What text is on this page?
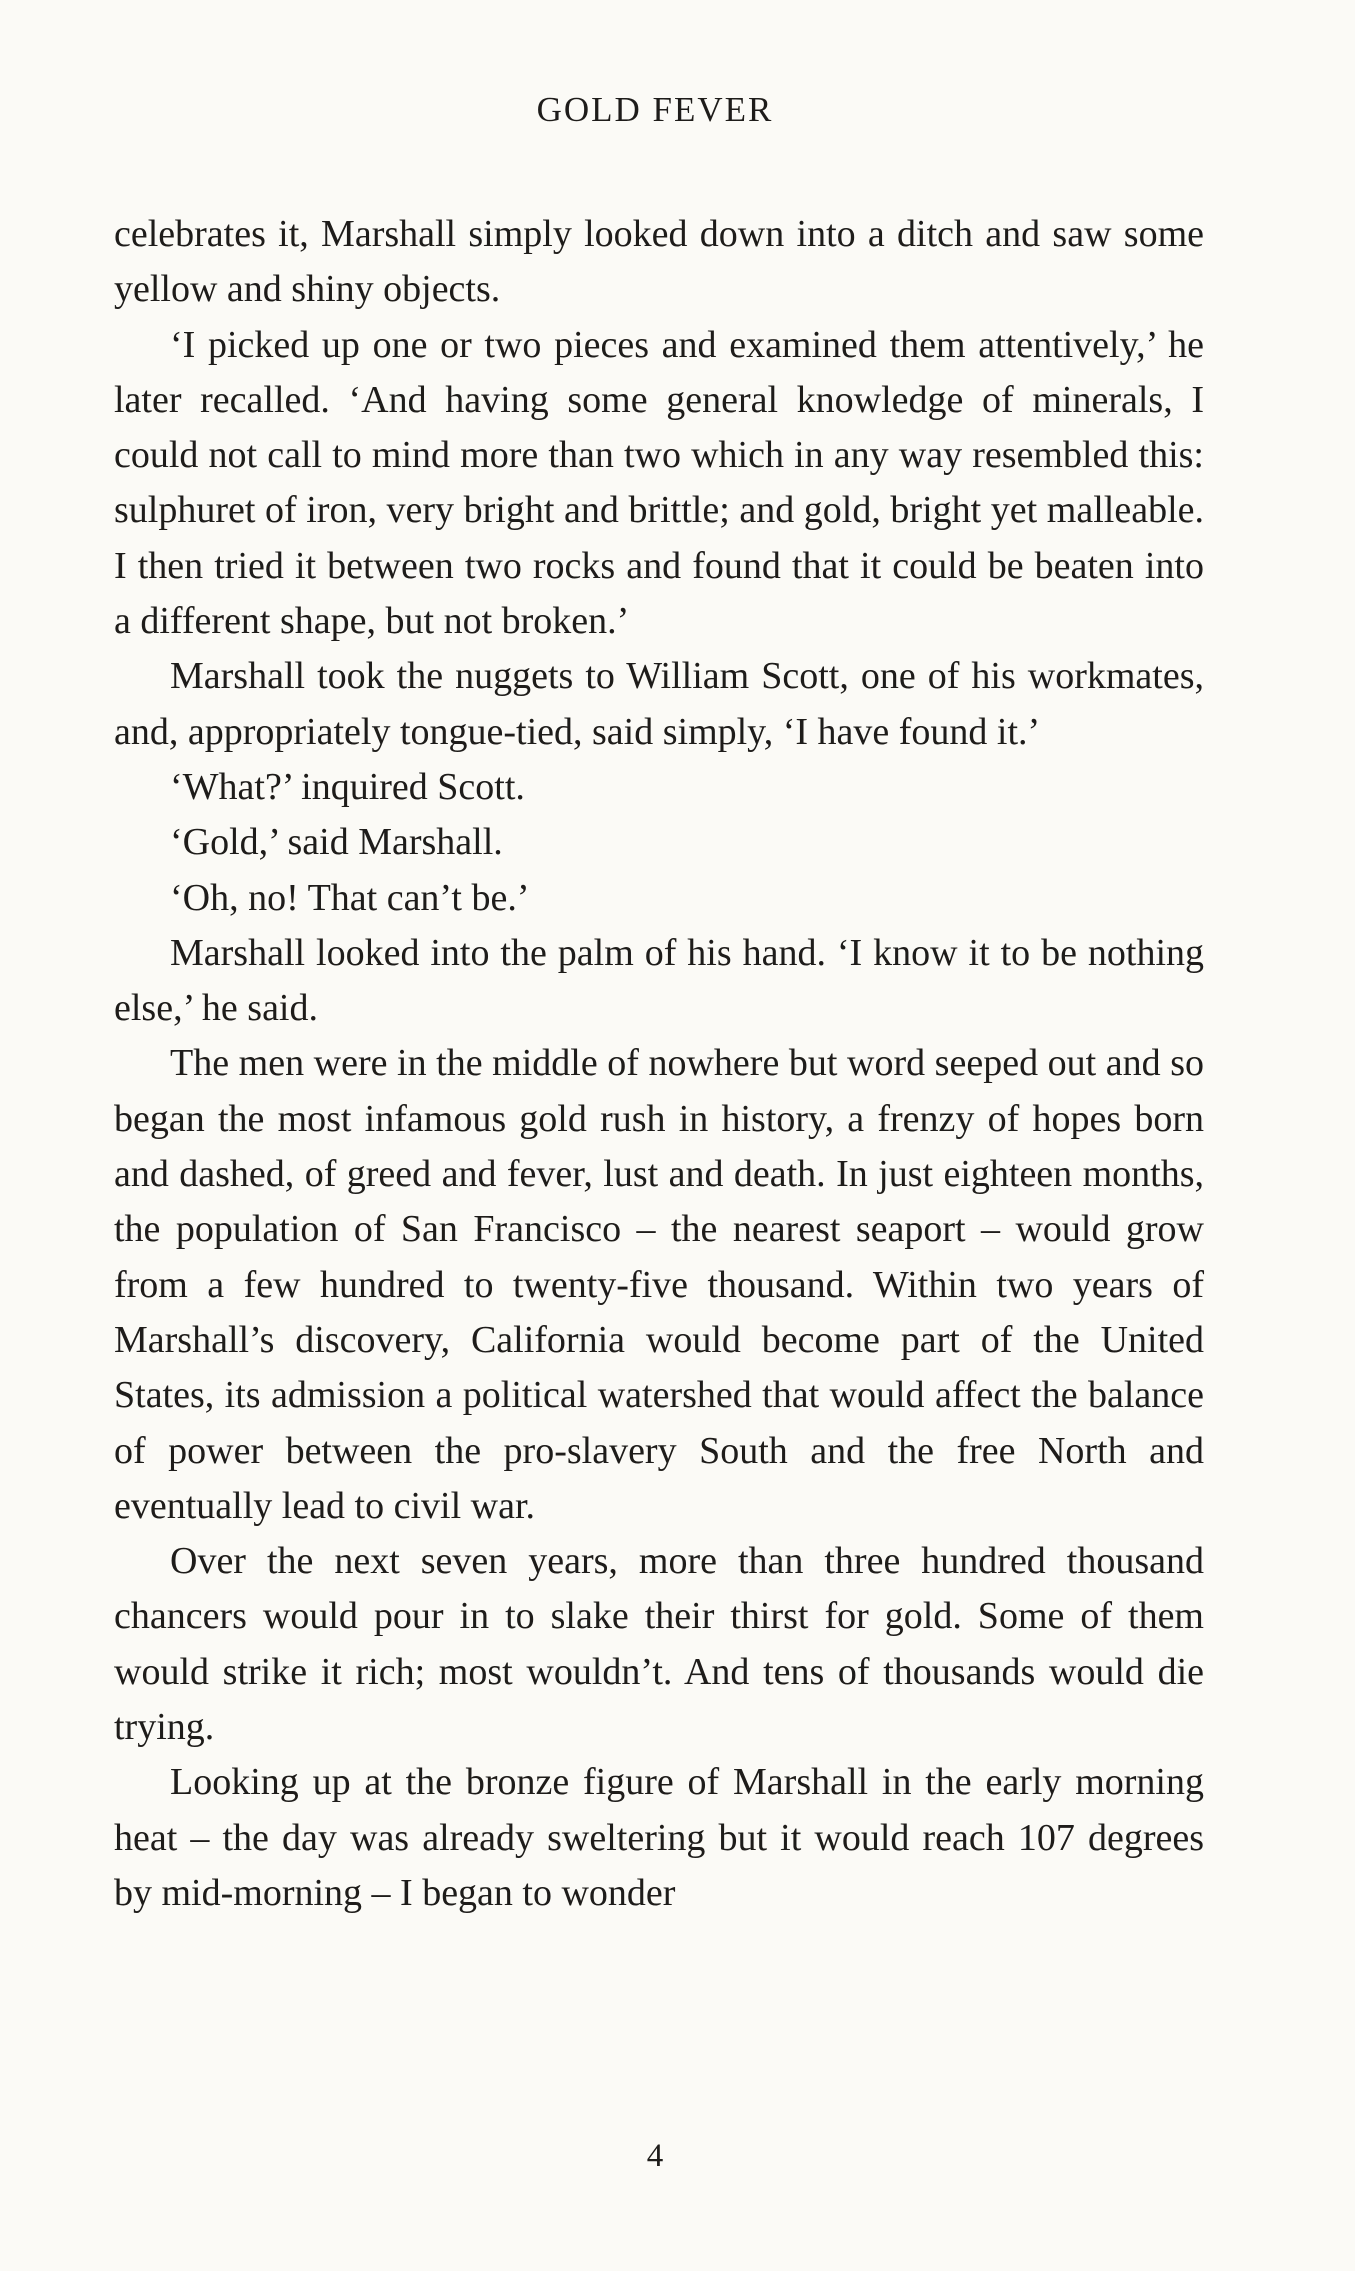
GOLD FEVER

celebrates it, Marshall simply looked down into a ditch and saw some yellow and shiny objects.

‘I picked up one or two pieces and examined them attentively,’ he later recalled. ‘And having some general knowledge of minerals, I could not call to mind more than two which in any way resembled this: sulphuret of iron, very bright and brittle; and gold, bright yet malleable. I then tried it between two rocks and found that it could be beaten into a different shape, but not broken.’

Marshall took the nuggets to William Scott, one of his workmates, and, appropriately tongue-tied, said simply, ‘I have found it.’

‘What?’ inquired Scott.

‘Gold,’ said Marshall.

‘Oh, no! That can’t be.’

Marshall looked into the palm of his hand. ‘I know it to be nothing else,’ he said.

The men were in the middle of nowhere but word seeped out and so began the most infamous gold rush in history, a frenzy of hopes born and dashed, of greed and fever, lust and death. In just eighteen months, the population of San Francisco – the nearest seaport – would grow from a few hundred to twenty-five thousand. Within two years of Marshall’s discovery, California would become part of the United States, its admission a political watershed that would affect the balance of power between the pro-slavery South and the free North and eventually lead to civil war.

Over the next seven years, more than three hundred thousand chancers would pour in to slake their thirst for gold. Some of them would strike it rich; most wouldn’t. And tens of thousands would die trying.

Looking up at the bronze figure of Marshall in the early morning heat – the day was already sweltering but it would reach 107 degrees by mid-morning – I began to wonder

4
